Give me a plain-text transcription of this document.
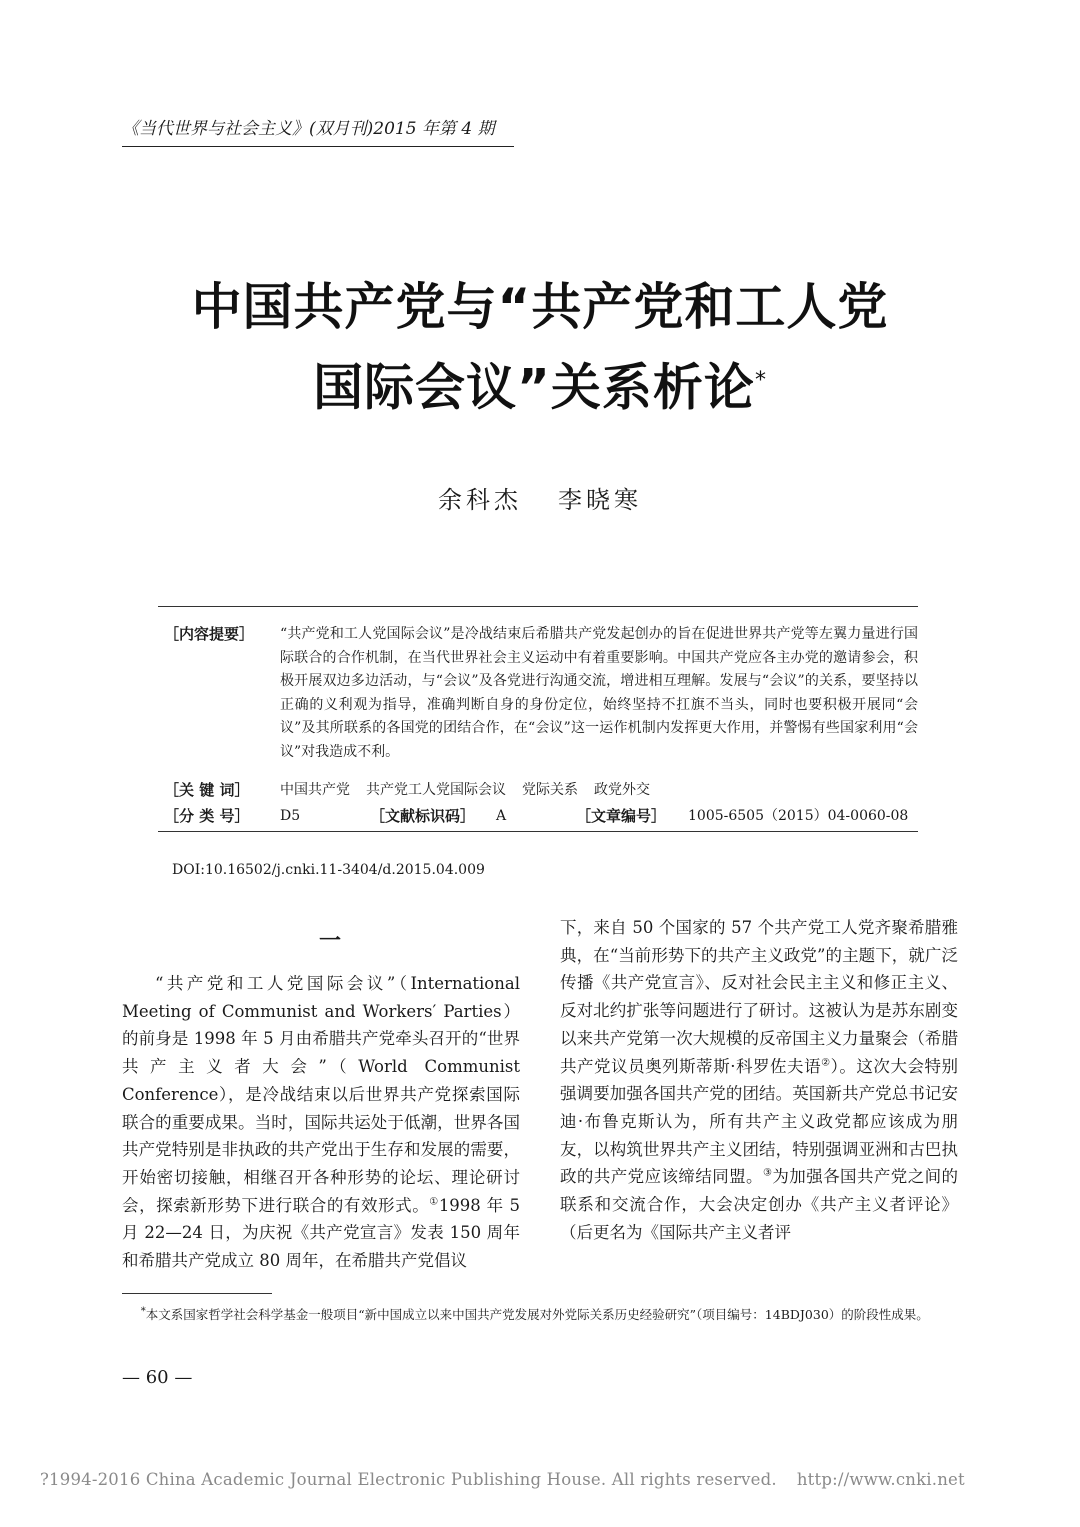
《当代世界与社会主义》(双月刊)2015 年第 4 期
中国共产党与“共产党和工人党
国际会议”关系析论*
余科杰 李晓寒
［内容提要］ “共产党和工人党国际会议”是冷战结束后希腊共产党发起创办的旨在促进世界共产党等左翼力量进行国际联合的合作机制，在当代世界社会主义运动中有着重要影响。中国共产党应各主办党的邀请参会，积极开展双边多边活动，与“会议”及各党进行沟通交流，增进相互理解。发展与“会议”的关系，要坚持以正确的义利观为指导，准确判断自身的身份定位，始终坚持不扛旗不当头，同时也要积极开展同“会议”及其所联系的各国党的团结合作，在“会议”这一运作机制内发挥更大作用，并警惕有些国家利用“会议”对我造成不利。
［关 键 词］ 中国共产党 共产党工人党国际会议 党际关系 政党外交
［分 类 号］ D5	［文献标识码］ A	［文章编号］ 1005-6505（2015）04-0060-08
DOI:10.16502/j.cnki.11-3404/d.2015.04.009
一
“共产党和工人党国际会议”（International Meeting of Communist and Workers′ Parties）的前身是 1998 年 5 月由希腊共产党牵头召开的“世界共产主义者大会”（World Communist Conference），是冷战结束以后世界共产党探索国际联合的重要成果。当时，国际共运处于低潮，世界各国共产党特别是非执政的共产党出于生存和发展的需要，开始密切接触，相继召开各种形势的论坛、理论研讨会，探索新形势下进行联合的有效形式。①1998 年 5 月 22—24 日，为庆祝《共产党宣言》发表 150 周年和希腊共产党成立 80 周年，在希腊共产党倡议
下，来自 50 个国家的 57 个共产党工人党齐聚希腊雅典，在“当前形势下的共产主义政党”的主题下，就广泛传播《共产党宣言》、反对社会民主主义和修正主义、反对北约扩张等问题进行了研讨。这被认为是苏东剧变以来共产党第一次大规模的反帝国主义力量聚会（希腊共产党议员奥列斯蒂斯·科罗佐夫语②）。这次大会特别强调要加强各国共产党的团结。英国新共产党总书记安迪·布鲁克斯认为，所有共产主义政党都应该成为朋友，以构筑世界共产主义团结，特别强调亚洲和古巴执政的共产党应该缔结同盟。③为加强各国共产党之间的联系和交流合作，大会决定创办《共产主义者评论》（后更名为《国际共产主义者评
*本文系国家哲学社会科学基金一般项目“新中国成立以来中国共产党发展对外党际关系历史经验研究”（项目编号：14BDJ030）的阶段性成果。
— 60 —
?1994-2016 China Academic Journal Electronic Publishing House. All rights reserved. http://www.cnki.net
